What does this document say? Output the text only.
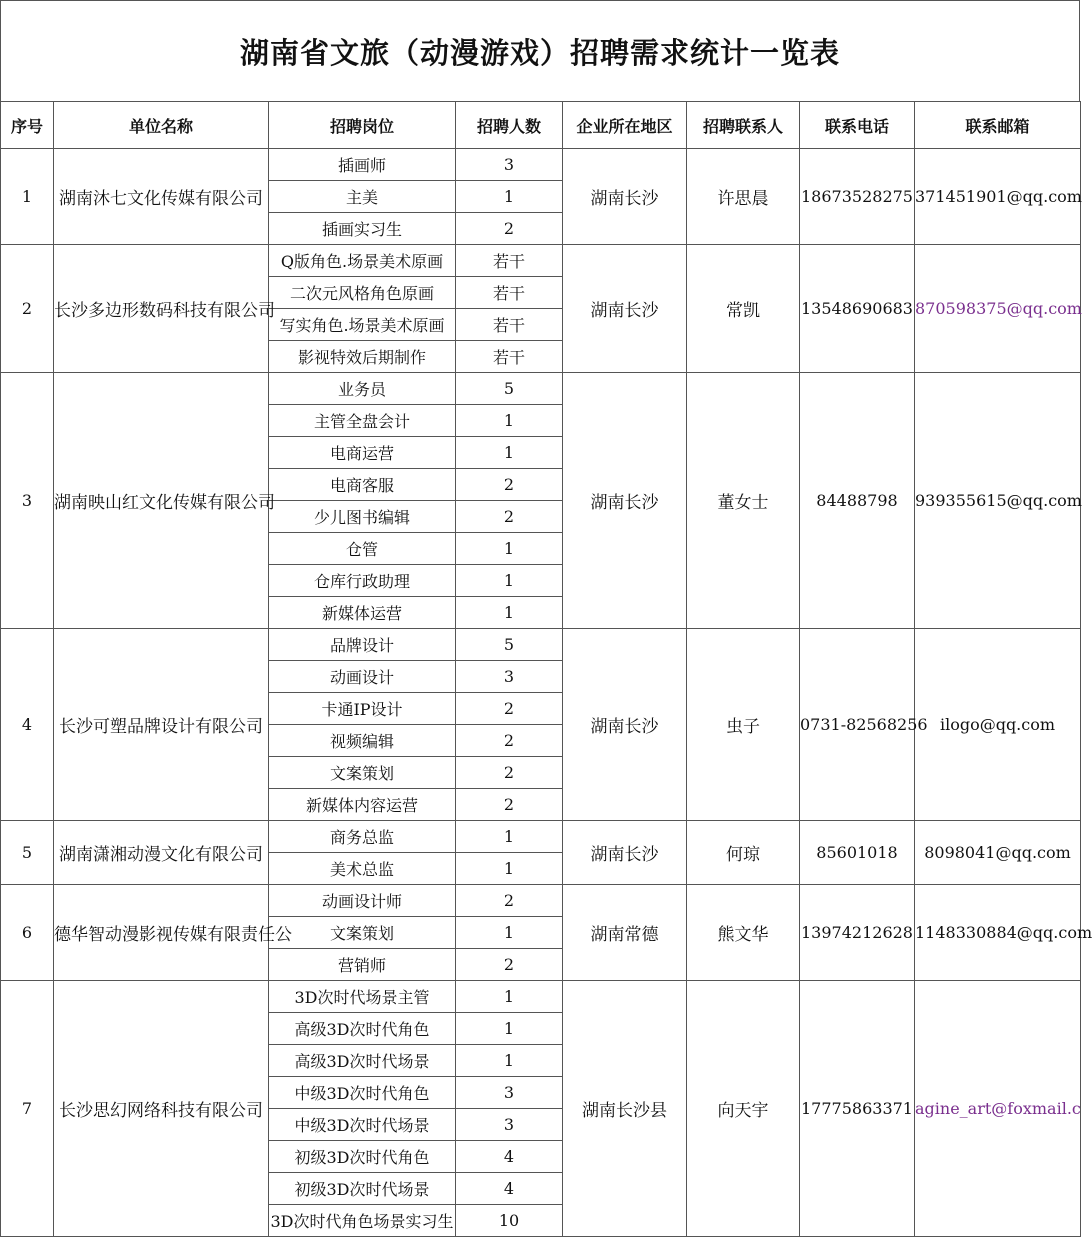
湖南省文旅（动漫游戏）招聘需求统计一览表
序号	单位名称	招聘岗位	招聘人数	企业所在地区	招聘联系人	联系电话	联系邮箱
1	湖南沐七文化传媒有限公司	插画师	3	湖南长沙	许思晨	18673528275	371451901@qq.com
		主美	1				
		插画实习生	2				
2	长沙多边形数码科技有限公司	Q版角色.场景美术原画	若干	湖南长沙	常凯	13548690683	870598375@qq.com
		二次元风格角色原画	若干				
		写实角色.场景美术原画	若干				
		影视特效后期制作	若干				
3	湖南映山红文化传媒有限公司	业务员	5	湖南长沙	董女士	84488798	939355615@qq.com
		主管全盘会计	1				
		电商运营	1				
		电商客服	2				
		少儿图书编辑	2				
		仓管	1				
		仓库行政助理	1				
		新媒体运营	1				
4	长沙可塑品牌设计有限公司	品牌设计	5	湖南长沙	虫子	0731-82568256	ilogo@qq.com
		动画设计	3				
		卡通IP设计	2				
		视频编辑	2				
		文案策划	2				
		新媒体内容运营	2				
5	湖南潇湘动漫文化有限公司	商务总监	1	湖南长沙	何琼	85601018	8098041@qq.com
		美术总监	1				
6	德华智动漫影视传媒有限责任公	动画设计师	2	湖南常德	熊文华	13974212628	1148330884@qq.com
		文案策划	1				
		营销师	2				
7	长沙思幻网络科技有限公司	3D次时代场景主管	1	湖南长沙县	向天宇	17775863371	agine_art@foxmail.c
		高级3D次时代角色	1				
		高级3D次时代场景	1				
		中级3D次时代角色	3				
		中级3D次时代场景	3				
		初级3D次时代角色	4				
		初级3D次时代场景	4				
		3D次时代角色场景实习生	10				
